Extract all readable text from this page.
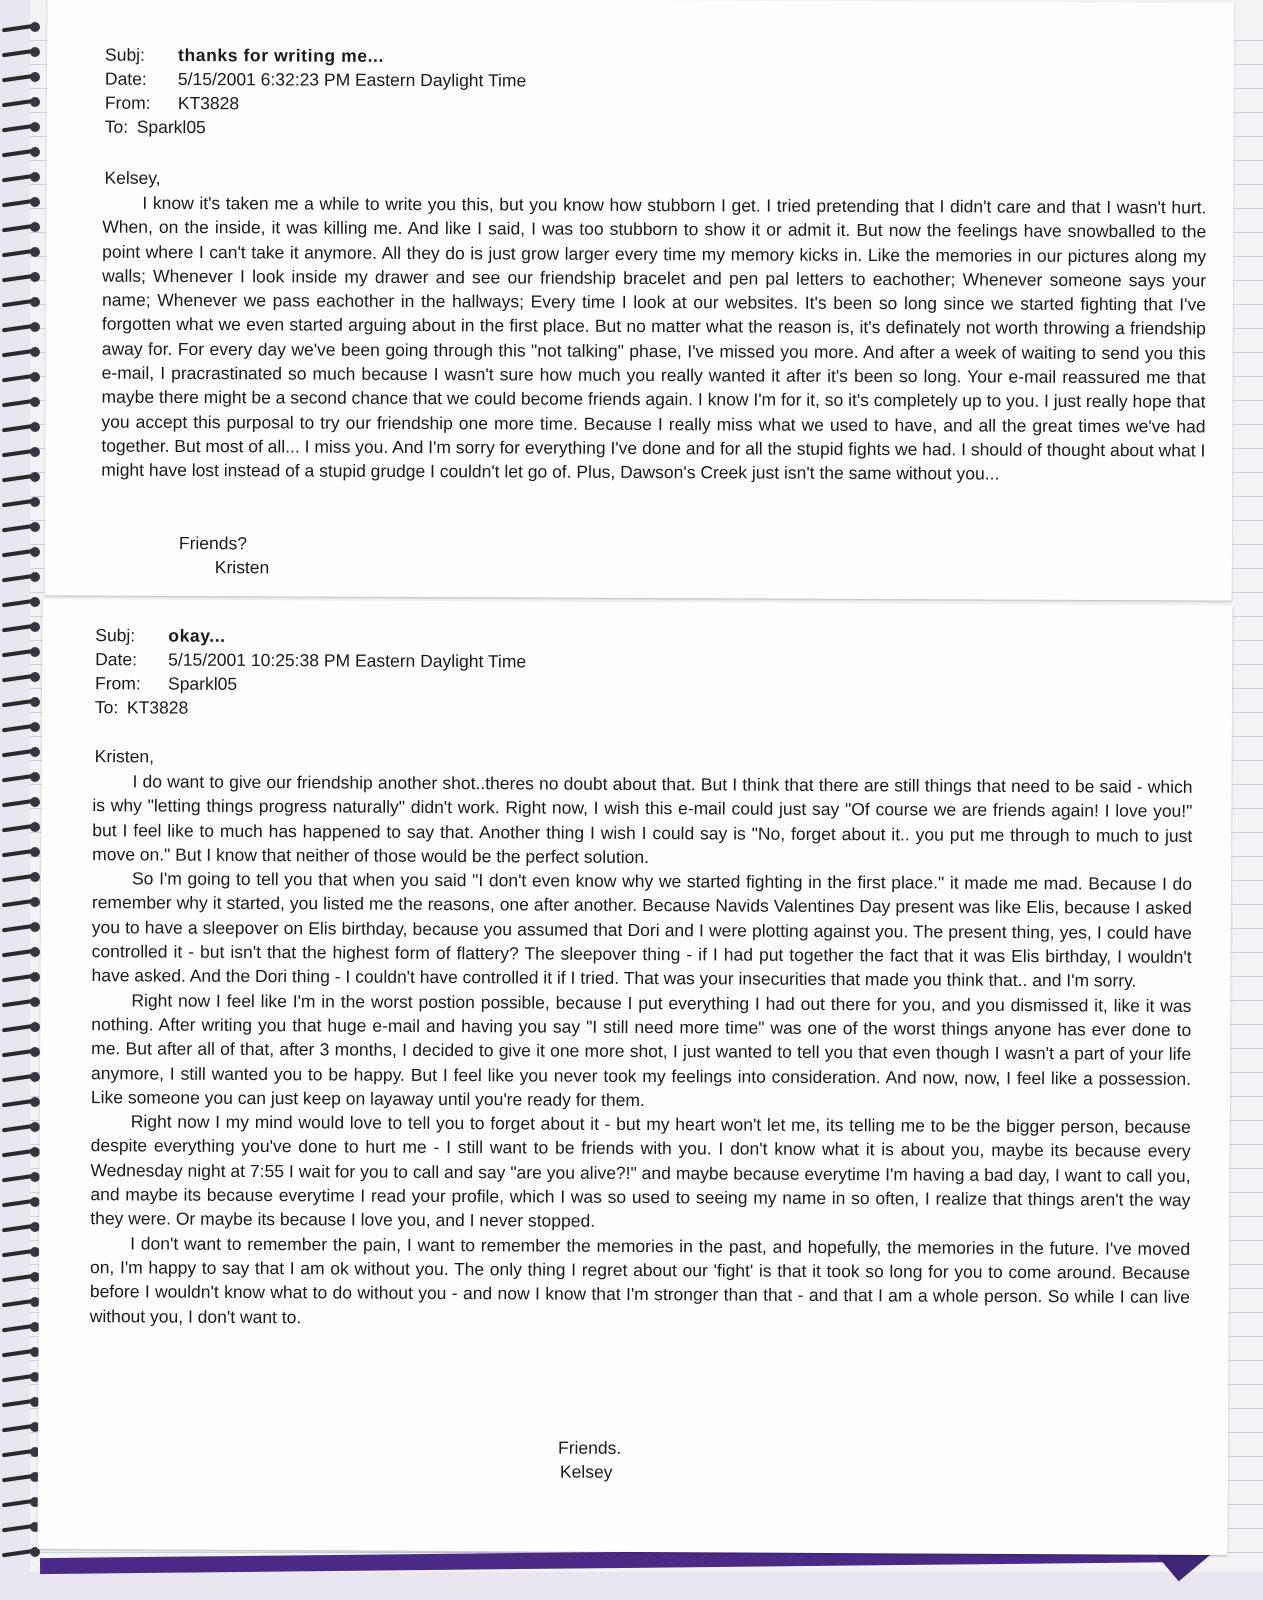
Subj:	thanks for writing me...
Date:	5/15/2001 6:32:23 PM Eastern Daylight Time
From:	KT3828
To: Sparkl05
Kelsey,

I know it's taken me a while to write you this, but you know how stubborn I get. I tried pretending that I didn't care and that I wasn't hurt. When, on the inside, it was killing me. And like I said, I was too stubborn to show it or admit it. But now the feelings have snowballed to the point where I can't take it anymore. All they do is just grow larger every time my memory kicks in. Like the memories in our pictures along my walls; Whenever I look inside my drawer and see our friendship bracelet and pen pal letters to eachother; Whenever someone says your name; Whenever we pass eachother in the hallways; Every time I look at our websites. It's been so long since we started fighting that I've forgotten what we even started arguing about in the first place. But no matter what the reason is, it's definately not worth throwing a friendship away for. For every day we've been going through this "not talking" phase, I've missed you more. And after a week of waiting to send you this e-mail, I pracrastinated so much because I wasn't sure how much you really wanted it after it's been so long. Your e-mail reassured me that maybe there might be a second chance that we could become friends again. I know I'm for it, so it's completely up to you. I just really hope that you accept this purposal to try our friendship one more time. Because I really miss what we used to have, and all the great times we've had together. But most of all... I miss you. And I'm sorry for everything I've done and for all the stupid fights we had. I should of thought about what I might have lost instead of a stupid grudge I couldn't let go of. Plus, Dawson's Creek just isn't the same without you...

Friends?
Kristen
Subj:	okay...
Date:	5/15/2001 10:25:38 PM Eastern Daylight Time
From:	Sparkl05
To: KT3828
Kristen,

I do want to give our friendship another shot..theres no doubt about that. But I think that there are still things that need to be said - which is why "letting things progress naturally" didn't work. Right now, I wish this e-mail could just say "Of course we are friends again! I love you!" but I feel like to much has happened to say that. Another thing I wish I could say is "No, forget about it.. you put me through to much to just move on." But I know that neither of those would be the perfect solution.

So I'm going to tell you that when you said "I don't even know why we started fighting in the first place." it made me mad. Because I do remember why it started, you listed me the reasons, one after another. Because Navids Valentines Day present was like Elis, because I asked you to have a sleepover on Elis birthday, because you assumed that Dori and I were plotting against you. The present thing, yes, I could have controlled it - but isn't that the highest form of flattery? The sleepover thing - if I had put together the fact that it was Elis birthday, I wouldn't have asked. And the Dori thing - I couldn't have controlled it if I tried. That was your insecurities that made you think that.. and I'm sorry.

Right now I feel like I'm in the worst postion possible, because I put everything I had out there for you, and you dismissed it, like it was nothing. After writing you that huge e-mail and having you say "I still need more time" was one of the worst things anyone has ever done to me. But after all of that, after 3 months, I decided to give it one more shot, I just wanted to tell you that even though I wasn't a part of your life anymore, I still wanted you to be happy. But I feel like you never took my feelings into consideration. And now, now, I feel like a possession. Like someone you can just keep on layaway until you're ready for them.

Right now I my mind would love to tell you to forget about it - but my heart won't let me, its telling me to be the bigger person, because despite everything you've done to hurt me - I still want to be friends with you. I don't know what it is about you, maybe its because every Wednesday night at 7:55 I wait for you to call and say "are you alive?!" and maybe because everytime I'm having a bad day, I want to call you, and maybe its because everytime I read your profile, which I was so used to seeing my name in so often, I realize that things aren't the way they were. Or maybe its because I love you, and I never stopped.

I don't want to remember the pain, I want to remember the memories in the past, and hopefully, the memories in the future. I've moved on, I'm happy to say that I am ok without you. The only thing I regret about our 'fight' is that it took so long for you to come around. Because before I wouldn't know what to do without you - and now I know that I'm stronger than that - and that I am a whole person. So while I can live without you, I don't want to.

Friends.
Kelsey
